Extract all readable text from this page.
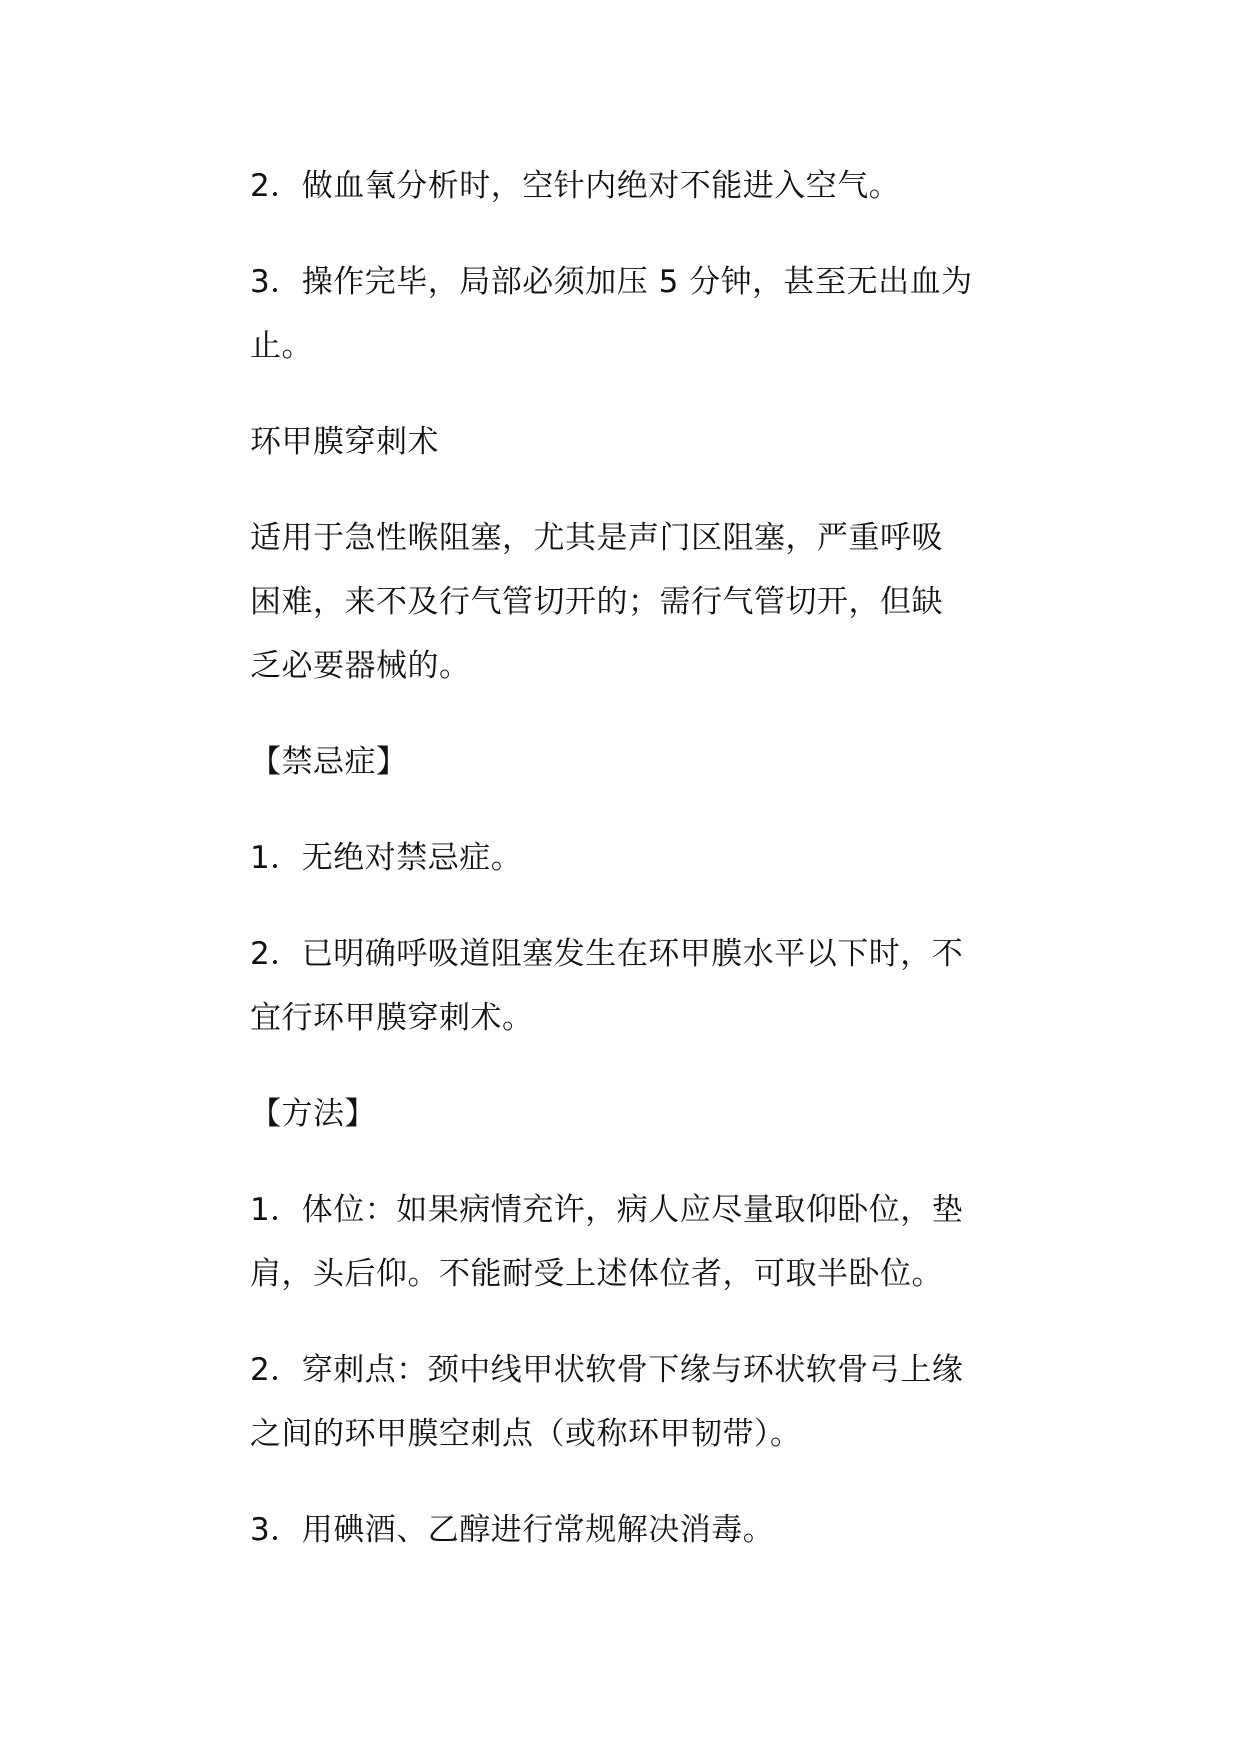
2．做血氧分析时，空针内绝对不能进入空气。

3．操作完毕，局部必须加压 5 分钟，甚至无出血为
止。

环甲膜穿刺术

适用于急性喉阻塞，尤其是声门区阻塞，严重呼吸
困难，来不及行气管切开的；需行气管切开，但缺
乏必要器械的。

【禁忌症】

1．无绝对禁忌症。

2．已明确呼吸道阻塞发生在环甲膜水平以下时，不
宜行环甲膜穿刺术。

【方法】

1．体位：如果病情充许，病人应尽量取仰卧位，垫
肩，头后仰。不能耐受上述体位者，可取半卧位。

2．穿刺点：颈中线甲状软骨下缘与环状软骨弓上缘
之间的环甲膜空刺点（或称环甲韧带）。

3．用碘酒、乙醇进行常规解决消毒。
